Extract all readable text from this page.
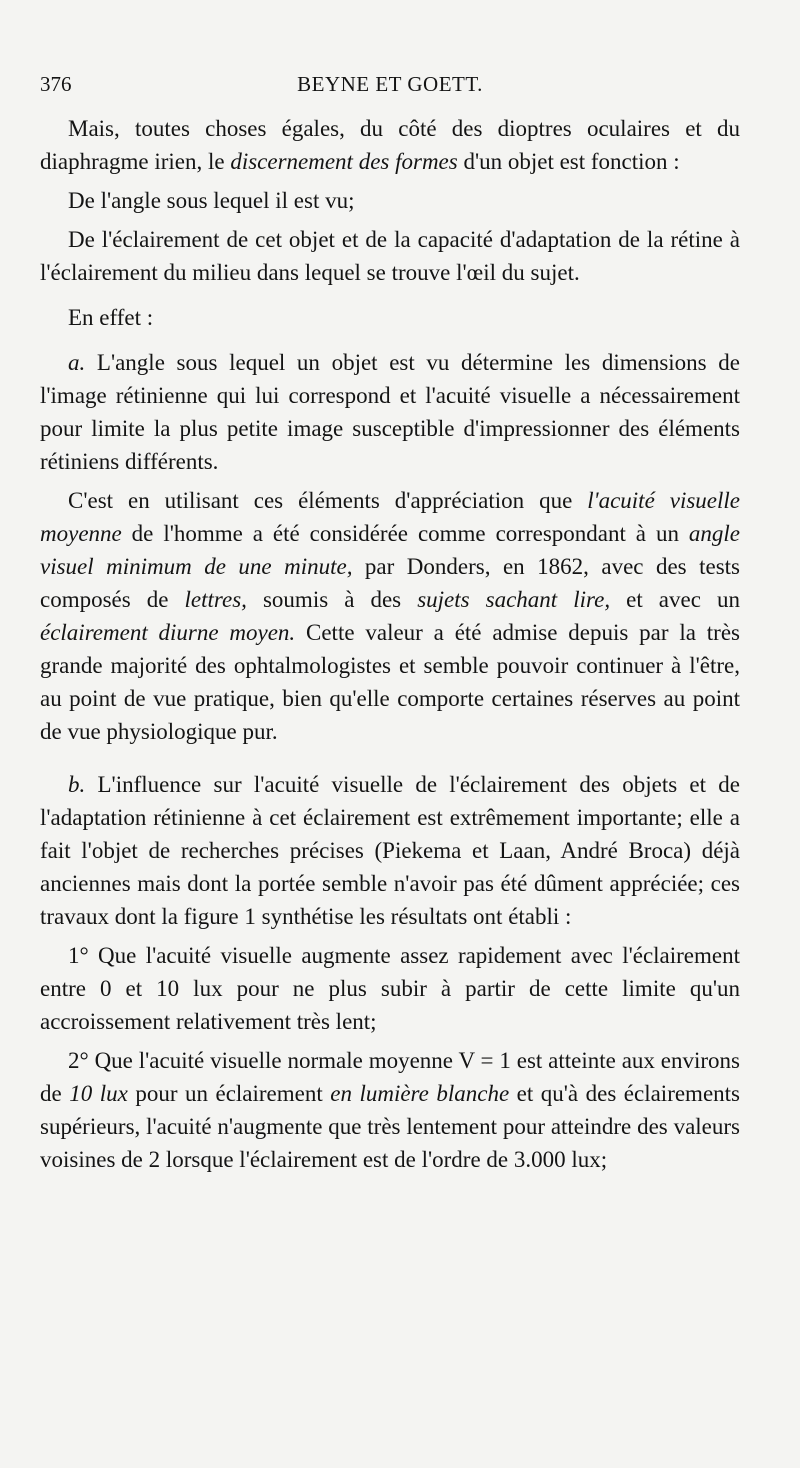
376	BEYNE ET GOETT.

Mais, toutes choses égales, du côté des dioptres oculaires et du diaphragme irien, le discernement des formes d'un objet est fonction :

De l'angle sous lequel il est vu;

De l'éclairement de cet objet et de la capacité d'adaptation de la rétine à l'éclairement du milieu dans lequel se trouve l'œil du sujet.

En effet :

a. L'angle sous lequel un objet est vu détermine les dimensions de l'image rétinienne qui lui correspond et l'acuité visuelle a nécessairement pour limite la plus petite image susceptible d'impressionner des éléments rétiniens différents.

C'est en utilisant ces éléments d'appréciation que l'acuité visuelle moyenne de l'homme a été considérée comme correspondant à un angle visuel minimum de une minute, par Donders, en 1862, avec des tests composés de lettres, soumis à des sujets sachant lire, et avec un éclairement diurne moyen. Cette valeur a été admise depuis par la très grande majorité des ophtalmologistes et semble pouvoir continuer à l'être, au point de vue pratique, bien qu'elle comporte certaines réserves au point de vue physiologique pur.

b. L'influence sur l'acuité visuelle de l'éclairement des objets et de l'adaptation rétinienne à cet éclairement est extrêmement importante; elle a fait l'objet de recherches précises (Piekema et Laan, André Broca) déjà anciennes mais dont la portée semble n'avoir pas été dûment appréciée; ces travaux dont la figure 1 synthétise les résultats ont établi :

1° Que l'acuité visuelle augmente assez rapidement avec l'éclairement entre 0 et 10 lux pour ne plus subir à partir de cette limite qu'un accroissement relativement très lent;

2° Que l'acuité visuelle normale moyenne V = 1 est atteinte aux environs de 10 lux pour un éclairement en lumière blanche et qu'à des éclairements supérieurs, l'acuité n'augmente que très lentement pour atteindre des valeurs voisines de 2 lorsque l'éclairement est de l'ordre de 3.000 lux;
